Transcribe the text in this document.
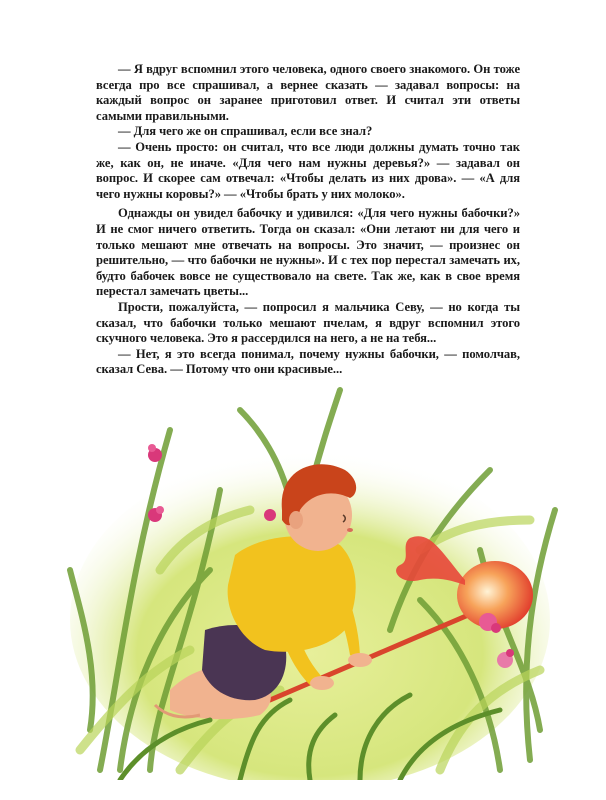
— Я вдруг вспомнил этого человека, одного своего знакомого. Он тоже всегда про все спрашивал, а вернее сказать — задавал вопросы: на каждый вопрос он заранее приготовил ответ. И считал эти ответы самыми правильными.

— Для чего же он спрашивал, если все знал?

— Очень просто: он считал, что все люди должны думать точно так же, как он, не иначе. «Для чего нам нужны деревья?» — задавал он вопрос. И скорее сам отвечал: «Чтобы делать из них дрова». — «А для чего нужны коровы?» — «Чтобы брать у них молоко».

Однажды он увидел бабочку и удивился: «Для чего нужны бабочки?» И не смог ничего ответить. Тогда он сказал: «Они летают ни для чего и только мешают мне отвечать на вопросы. Это значит, — произнес он решительно, — что бабочки не нужны». И с тех пор перестал замечать их, будто бабочек вовсе не существовало на свете. Так же, как в свое время перестал замечать цветы...

Прости, пожалуйста, — попросил я мальчика Севу, — но когда ты сказал, что бабочки только мешают пчелам, я вдруг вспомнил этого скучного человека. Это я рассердился на него, а не на тебя...

— Нет, я это всегда понимал, почему нужны бабочки, — помолчав, сказал Сева. — Потому что они красивые...
